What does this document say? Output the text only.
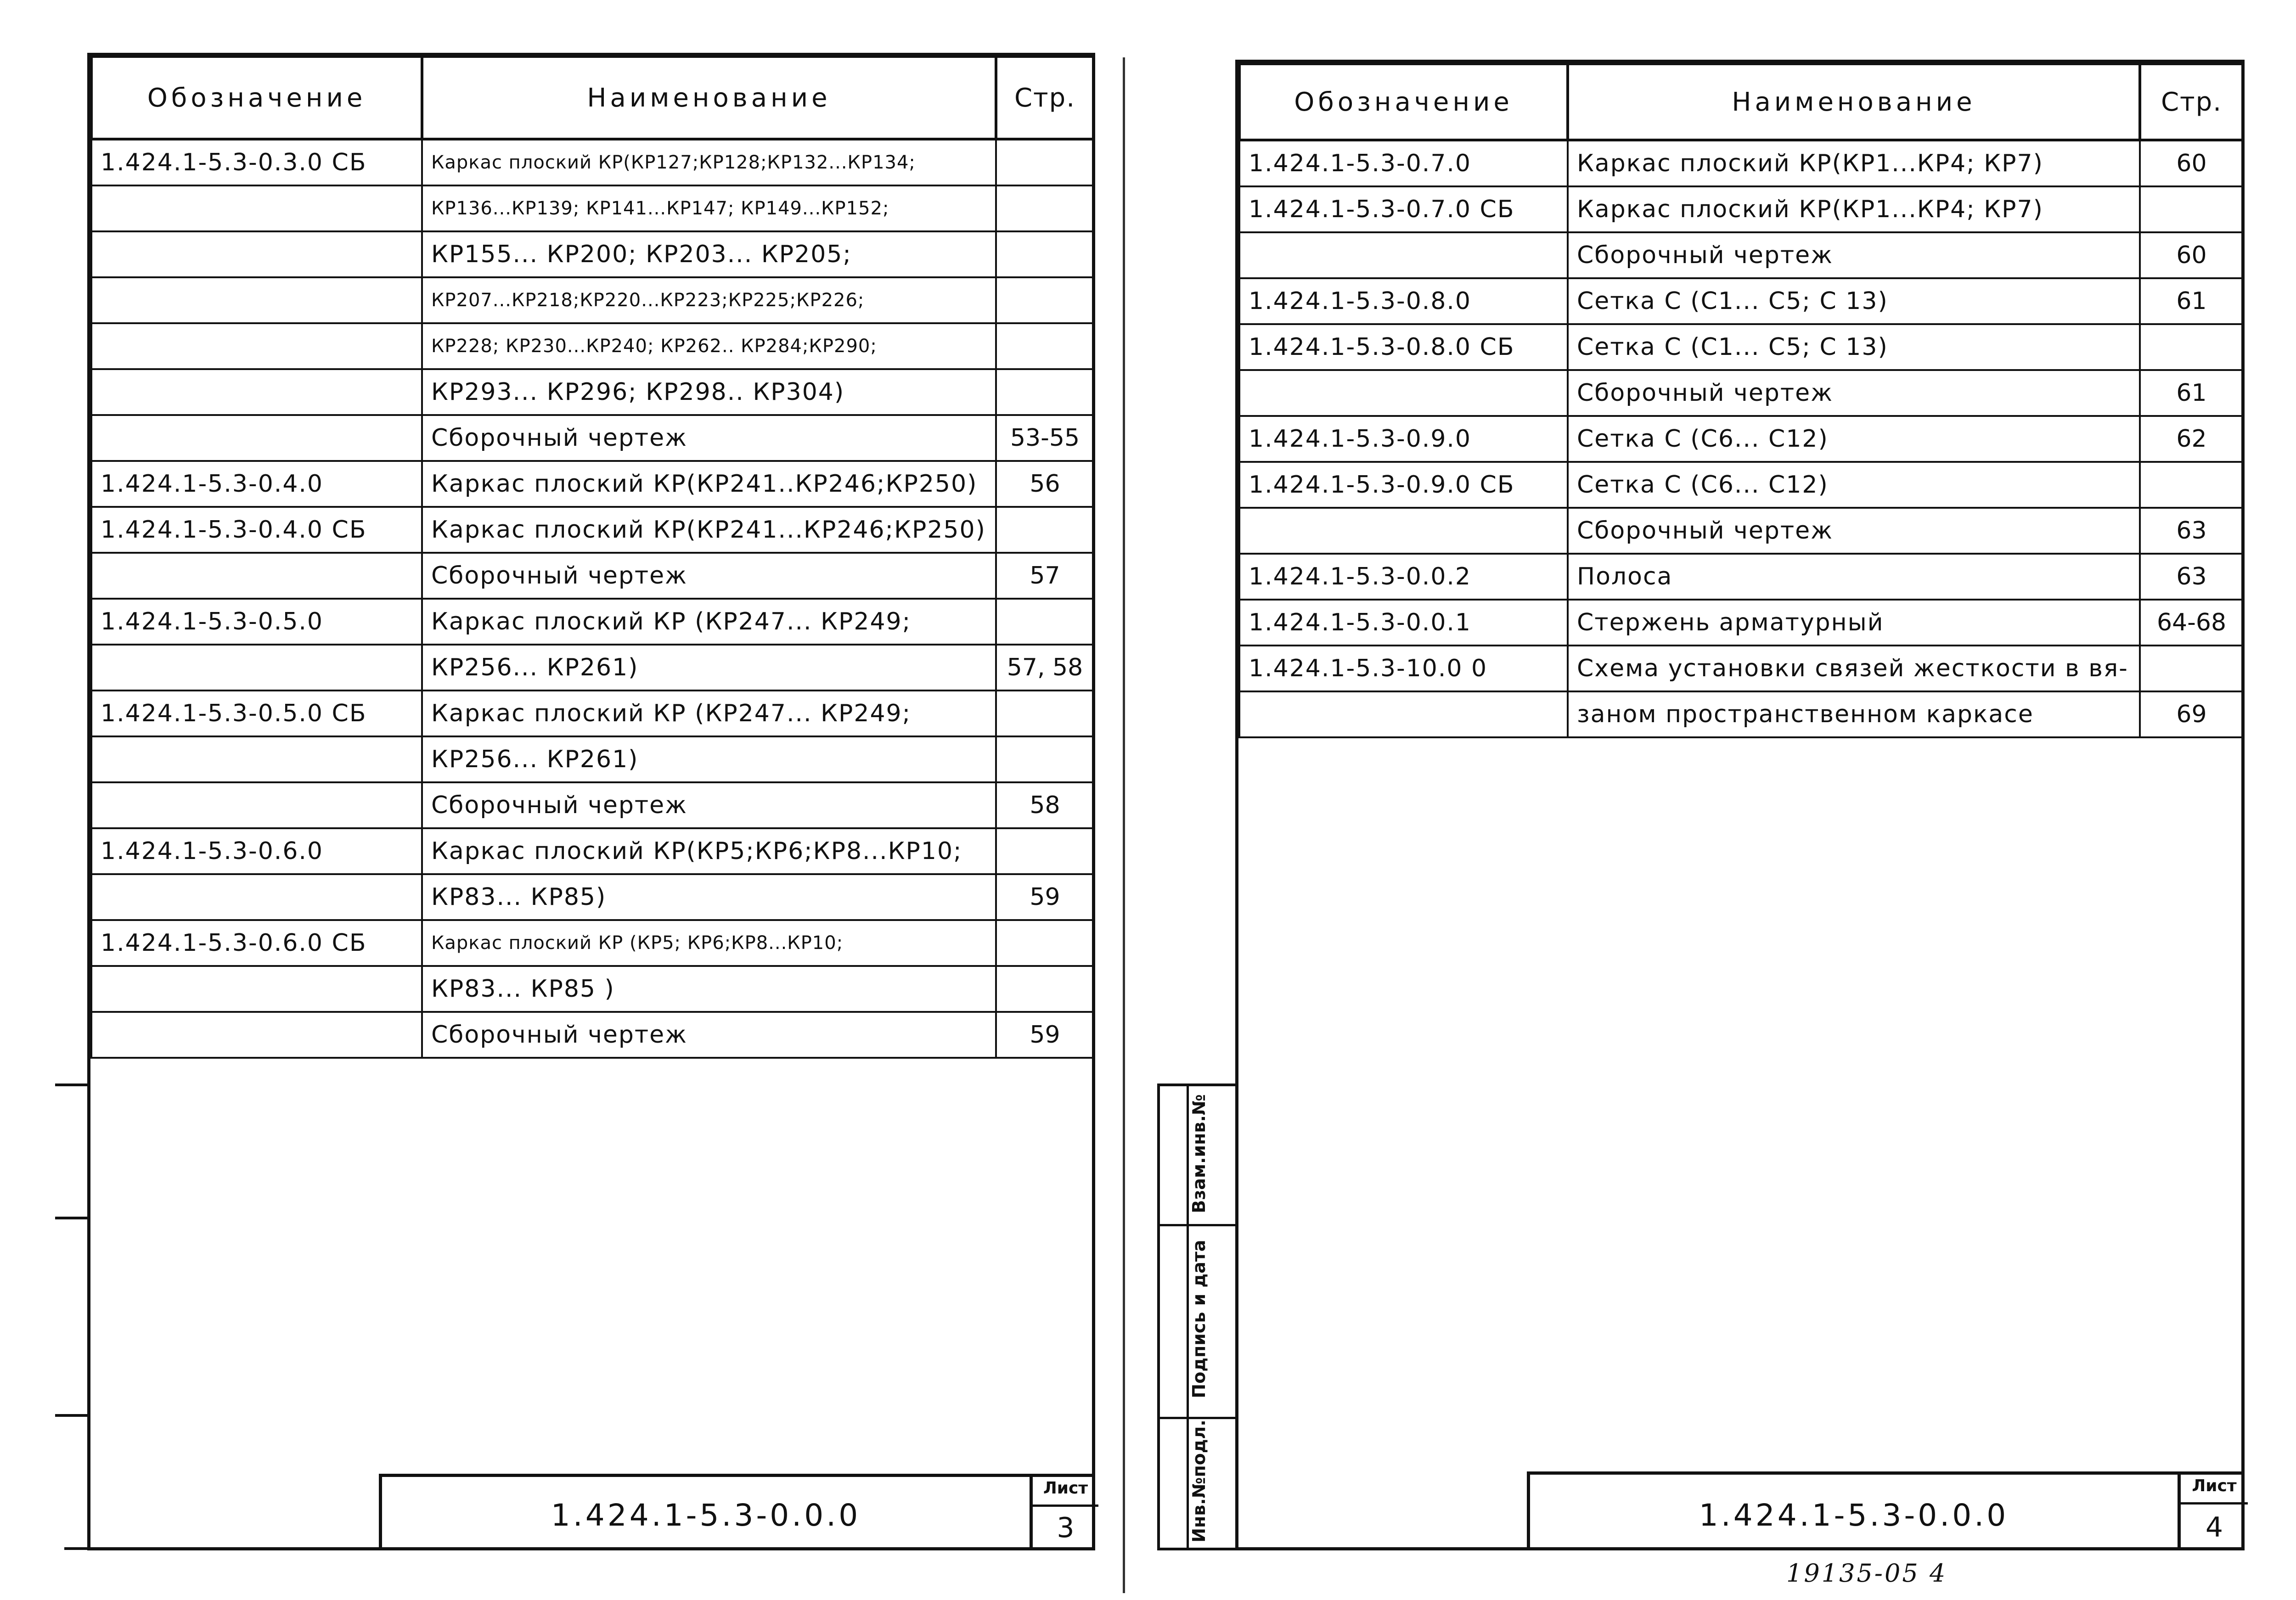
Обозначение	Наименование	Стр.
1.424.1-5.3-0.3.0 СБ	Каркас плоский КР(КР127;КР128;КР132...КР134;	
	КР136...КР139; КР141...КР147; КР149...КР152;	
	КР155... КР200; КР203... КР205;	
	КР207...КР218;КР220...КР223;КР225;КР226;	
	КР228; КР230...КР240; КР262.. КР284;КР290;	
	КР293... КР296; КР298.. КР304)	
	Сборочный чертеж	53-55
1.424.1-5.3-0.4.0	Каркас плоский КР(КР241..КР246;КР250)	56
1.424.1-5.3-0.4.0 СБ	Каркас плоский КР(КР241...КР246;КР250)	
	Сборочный чертеж	57
1.424.1-5.3-0.5.0	Каркас плоский КР (КР247... КР249;	
	КР256... КР261)	57, 58
1.424.1-5.3-0.5.0 СБ	Каркас плоский КР (КР247... КР249;	
	КР256... КР261)	
	Сборочный чертеж	58
1.424.1-5.3-0.6.0	Каркас плоский КР(КР5;КР6;КР8...КР10;	
	КР83... КР85)	59
1.424.1-5.3-0.6.0 СБ	Каркас плоский КР (КР5; КР6;КР8...КР10;	
	КР83... КР85 )	
	Сборочный чертеж	59
1.424.1-5.3-0.0.0
Лист
3
Обозначение	Наименование	Стр.
1.424.1-5.3-0.7.0	Каркас плоский КР(КР1...КР4; КР7)	60
1.424.1-5.3-0.7.0 СБ	Каркас плоский КР(КР1...КР4; КР7)	
	Сборочный чертеж	60
1.424.1-5.3-0.8.0	Сетка С (С1... С5; С 13)	61
1.424.1-5.3-0.8.0 СБ	Сетка С (С1... С5; С 13)	
	Сборочный чертеж	61
1.424.1-5.3-0.9.0	Сетка С (С6... С12)	62
1.424.1-5.3-0.9.0 СБ	Сетка С (С6... С12)	
	Сборочный чертеж	63
1.424.1-5.3-0.0.2	Полоса	63
1.424.1-5.3-0.0.1	Стержень арматурный	64-68
1.424.1-5.3-10.0 0	Схема установки связей жесткости в вя-	
	заном пространственном каркасе	69
Взам.инв.№
Подпись и дата
Инв.№подл.	1.424.1-5.3-0.0.0
Лист
4
19135-05 4
